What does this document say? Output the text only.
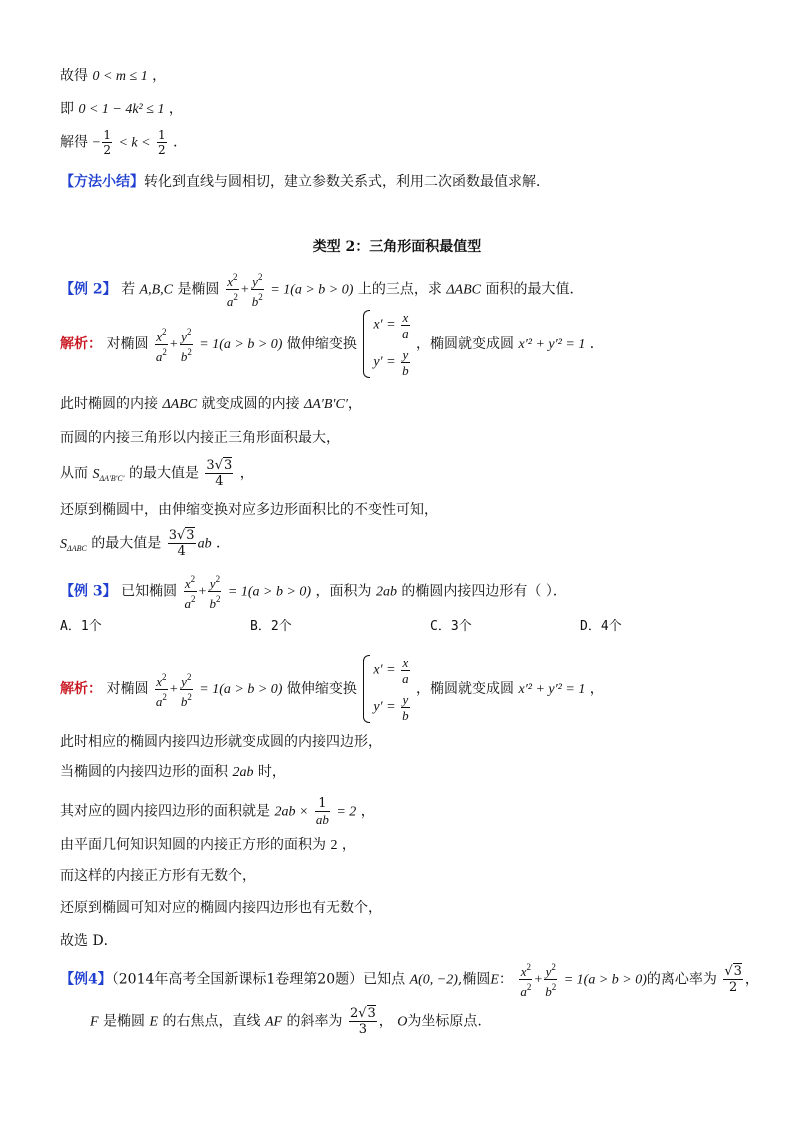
故得 0 < m ≤ 1 ，
即 0 < 1 − 4k² ≤ 1 ，
解得 − $\frac{1}{2} < k < \frac{1}{2}$ ．
【方法小结】转化到直线与圆相切，建立参数关系式，利用二次函数最值求解．
类型 2：三角形面积最值型
【例 2】 若 A,B,C 是椭圆 $\frac{x^2}{a^2} + \frac{y^2}{b^2} = 1(a > b > 0)$ 上的三点，求 ΔABC 面积的最大值．
解析： 对椭圆 $\frac{x^2}{a^2} + \frac{y^2}{b^2} = 1(a > b > 0)$ 做伸缩变换
$x' = \frac{x}{a}$
$y' = \frac{y}{b}$
，椭圆就变成圆 x′² + y′² = 1 ．
此时椭圆的内接 ΔABC 就变成圆的内接 ΔA′B′C′，
而圆的内接三角形以内接正三角形面积最大，
从而 $S_{\Delta A'B'C'}$ 的最大值是 $\frac{3√3}{4}$ ，
还原到椭圆中，由伸缩变换对应多边形面积比的不变性可知，
$S_{\Delta ABC}$ 的最大值是 $\frac{3√3}{4}$ ab ．
【例 3】 已知椭圆 $\frac{x^2}{a^2} + \frac{y^2}{b^2} = 1(a > b > 0)$ ，面积为 2ab 的椭圆内接四边形有（ ）．
A．1个	B．2个	C．3个	D．4个
解析： 对椭圆 $\frac{x^2}{a^2} + \frac{y^2}{b^2} = 1(a > b > 0)$ 做伸缩变换
$x' = \frac{x}{a}$
$y' = \frac{y}{b}$
，椭圆就变成圆 x′² + y′² = 1 ，
此时相应的椭圆内接四边形就变成圆的内接四边形，
当椭圆的内接四边形的面积 2ab 时，
其对应的圆内接四边形的面积就是 $2ab \times \frac{1}{ab} = 2$ ，
由平面几何知识知圆的内接正方形的面积为 2 ，
而这样的内接正方形有无数个，
还原到椭圆可知对应的椭圆内接四边形也有无数个，
故选 D．
【例4】（2014年高考全国新课标1卷理第20题）已知点 A(0, −2),椭圆E： $\frac{x^2}{a^2} + \frac{y^2}{b^2} = 1(a > b > 0)$的离心率为 $\frac{√3}{2}$ ，
F 是椭圆 E 的右焦点，直线 AF 的斜率为 $\frac{2√3}{3}$ ， O为坐标原点.
